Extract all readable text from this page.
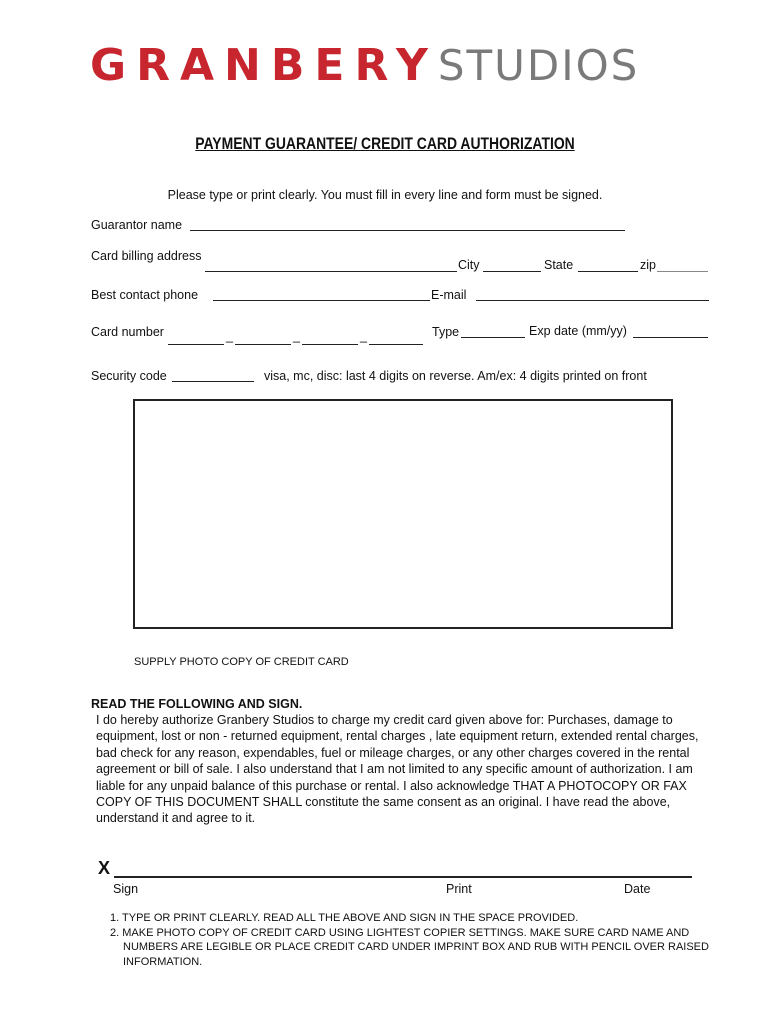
GRANBERYSTUDIOS
PAYMENT GUARANTEE/ CREDIT CARD AUTHORIZATION
Please type or print clearly. You must fill in every line and form must be signed.
Guarantor name
Card billing address
City	State	zip
Best contact phone	E-mail
Card number	_	_	_	Type	Exp date (mm/yy)
Security code	visa, mc, disc: last 4 digits on reverse. Am/ex: 4 digits printed on front
SUPPLY PHOTO COPY OF CREDIT CARD
READ THE FOLLOWING AND SIGN.
I do hereby authorize Granbery Studios to charge my credit card given above for: Purchases, damage to equipment, lost or non - returned equipment, rental charges , late equipment return, extended rental charges, bad check for any reason, expendables, fuel or mileage charges, or any other charges covered in the rental agreement or bill of sale. I also understand that I am not limited to any specific amount of authorization. I am liable for any unpaid balance of this purchase or rental. I also acknowledge THAT A PHOTOCOPY OR FAX COPY OF THIS DOCUMENT SHALL constitute the same consent as an original. I have read the above, understand it and agree to it.
X
Sign	Print	Date
1. TYPE OR PRINT CLEARLY. READ ALL THE ABOVE AND SIGN IN THE SPACE PROVIDED.
2. MAKE PHOTO COPY OF CREDIT CARD USING LIGHTEST COPIER SETTINGS. MAKE SURE CARD NAME AND NUMBERS ARE LEGIBLE OR PLACE CREDIT CARD UNDER IMPRINT BOX AND RUB WITH PENCIL OVER RAISED INFORMATION.
